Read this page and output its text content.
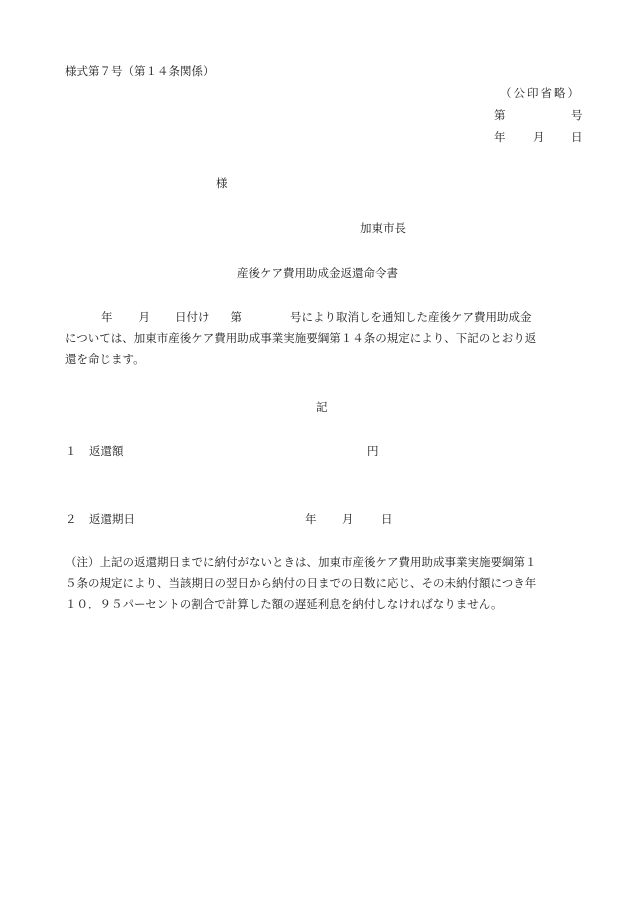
様式第７号（第１４条関係）
（公印省略）
第	号
年 月 日
様
加東市長
産後ケア費用助成金返還命令書
年 月 日付け 第	号により取消しを通知した産後ケア費用助成金
については、加東市産後ケア費用助成事業実施要綱第１４条の規定により、下記のとおり返
還を命じます。
記
１ 返還額	円
２ 返還期日	年 月 日
（注）上記の返還期日までに納付がないときは、加東市産後ケア費用助成事業実施要綱第１
５条の規定により、当該期日の翌日から納付の日までの日数に応じ、その未納付額につき年
１０．９５パーセントの割合で計算した額の遅延利息を納付しなければなりません。
